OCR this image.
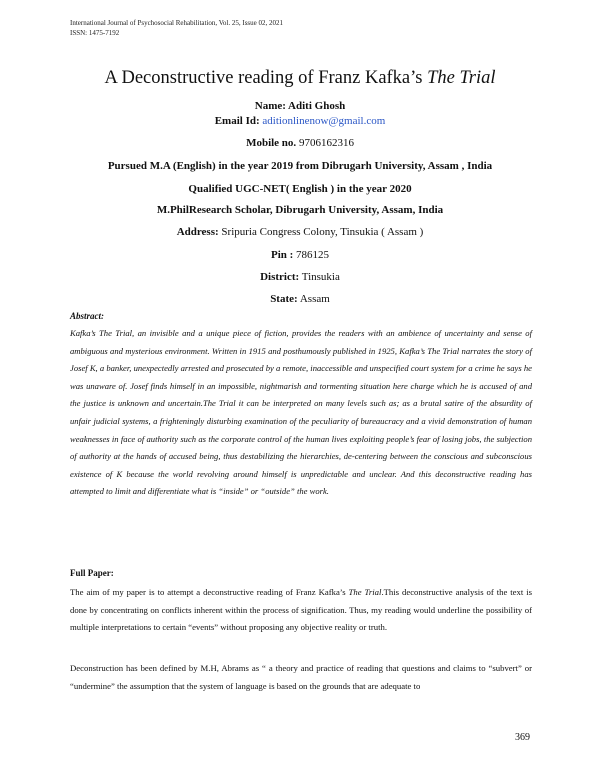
International Journal of Psychosocial Rehabilitation, Vol. 25, Issue 02, 2021
ISSN: 1475-7192
A Deconstructive reading of Franz Kafka’s The Trial
Name: Aditi Ghosh
Email Id: aditionlinenow@gmail.com
Mobile no. 9706162316
Pursued M.A (English) in the year 2019 from Dibrugarh University, Assam , India
Qualified UGC-NET( English ) in the year 2020
M.PhilResearch Scholar, Dibrugarh University, Assam, India
Address: Sripuria Congress Colony, Tinsukia ( Assam )
Pin : 786125
District: Tinsukia
State: Assam
Abstract:
Kafka’s The Trial, an invisible and a unique piece of fiction, provides the readers with an ambience of uncertainty and sense of ambiguous and mysterious environment. Written in 1915 and posthumously published in 1925, Kafka’s The Trial narrates the story of Josef K, a banker, unexpectedly arrested and prosecuted by a remote, inaccessible and unspecified court system for a crime he says he was unaware of. Josef finds himself in an impossible, nightmarish and tormenting situation here charge which he is accused of and the justice is unknown and uncertain.The Trial it can be interpreted on many levels such as; as a brutal satire of the absurdity of unfair judicial systems, a frighteningly disturbing examination of the peculiarity of bureaucracy and a vivid demonstration of human weaknesses in face of authority such as the corporate control of the human lives exploiting people’s fear of losing jobs, the subjection of authority at the hands of accused being, thus destabilizing the hierarchies, de-centering between the conscious and subconscious existence of K because the world revolving around himself is unpredictable and unclear. And this deconstructive reading has attempted to limit and differentiate what is “inside” or “outside” the work.
Full Paper:
The aim of my paper is to attempt a deconstructive reading of Franz Kafka’s The Trial.This deconstructive analysis of the text is done by concentrating on conflicts inherent within the process of signification. Thus, my reading would underline the possibility of multiple interpretations to certain “events” without proposing any objective reality or truth.
Deconstruction has been defined by M.H, Abrams as “ a theory and practice of reading that questions and claims to “subvert” or “undermine” the assumption that the system of language is based on the grounds that are adequate to
369
